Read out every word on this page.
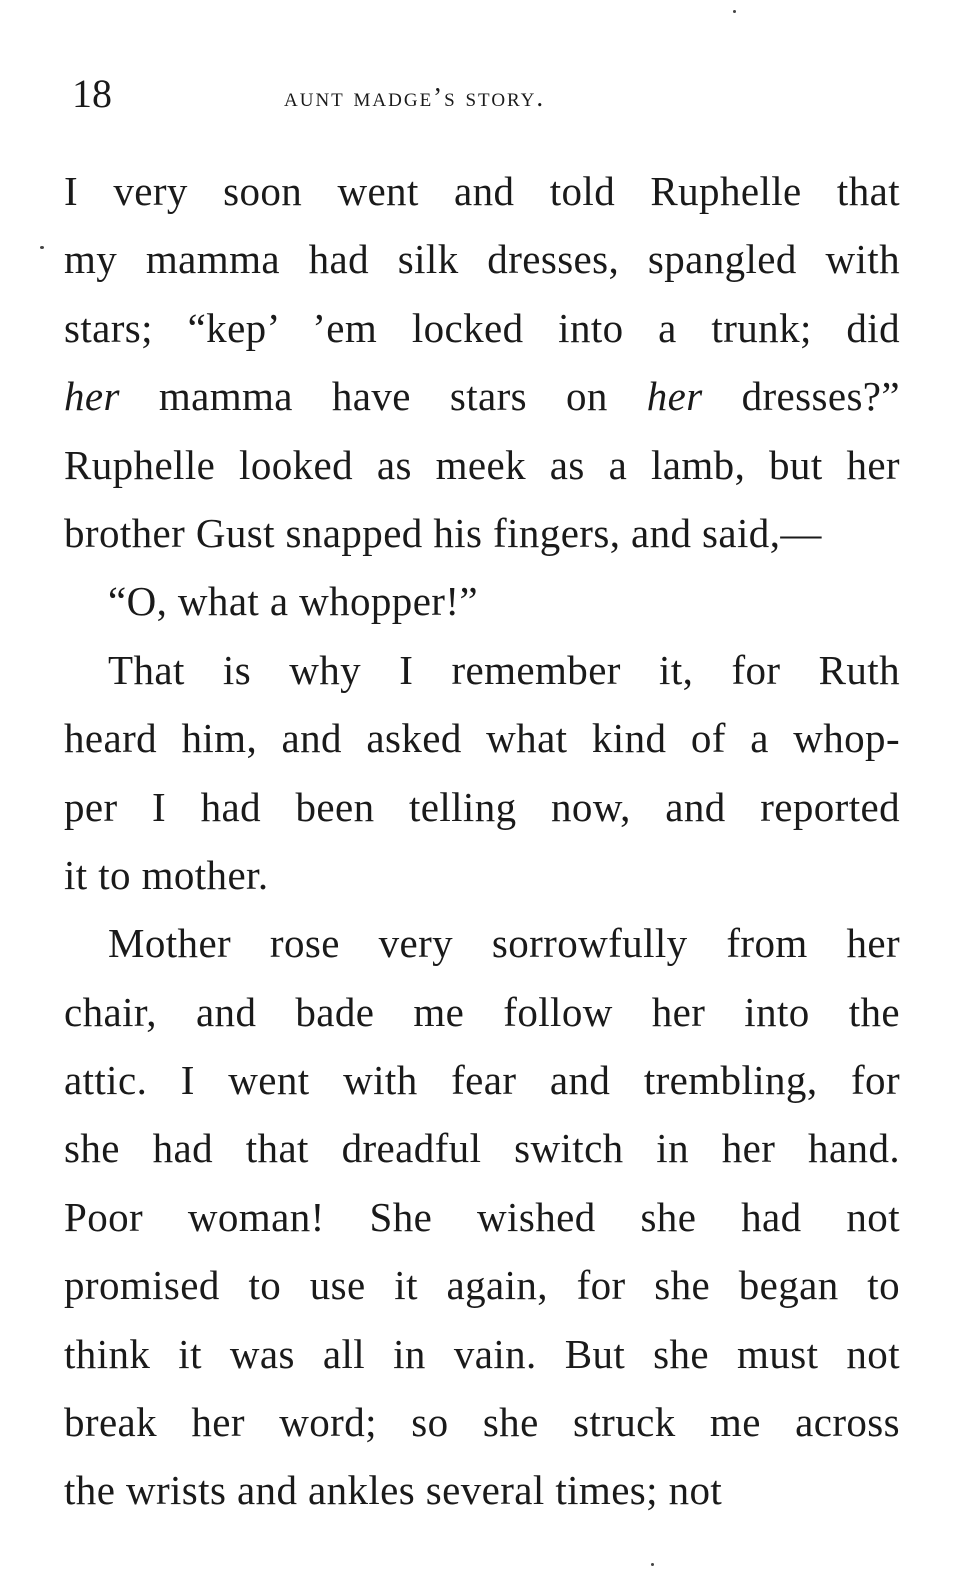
18	aunt madge’s story.
I very soon went and told Ruphelle that
my mamma had silk dresses, spangled with
stars; “kep’ ’em locked into a trunk; did
her mamma have stars on her dresses?”
Ruphelle looked as meek as a lamb, but her
brother Gust snapped his fingers, and said,—
“O, what a whopper!”
That is why I remember it, for Ruth
heard him, and asked what kind of a whop-
per I had been telling now, and reported
it to mother.
Mother rose very sorrowfully from her
chair, and bade me follow her into the
attic. I went with fear and trembling, for
she had that dreadful switch in her hand.
Poor woman! She wished she had not
promised to use it again, for she began to
think it was all in vain. But she must not
break her word; so she struck me across
the wrists and ankles several times; not
